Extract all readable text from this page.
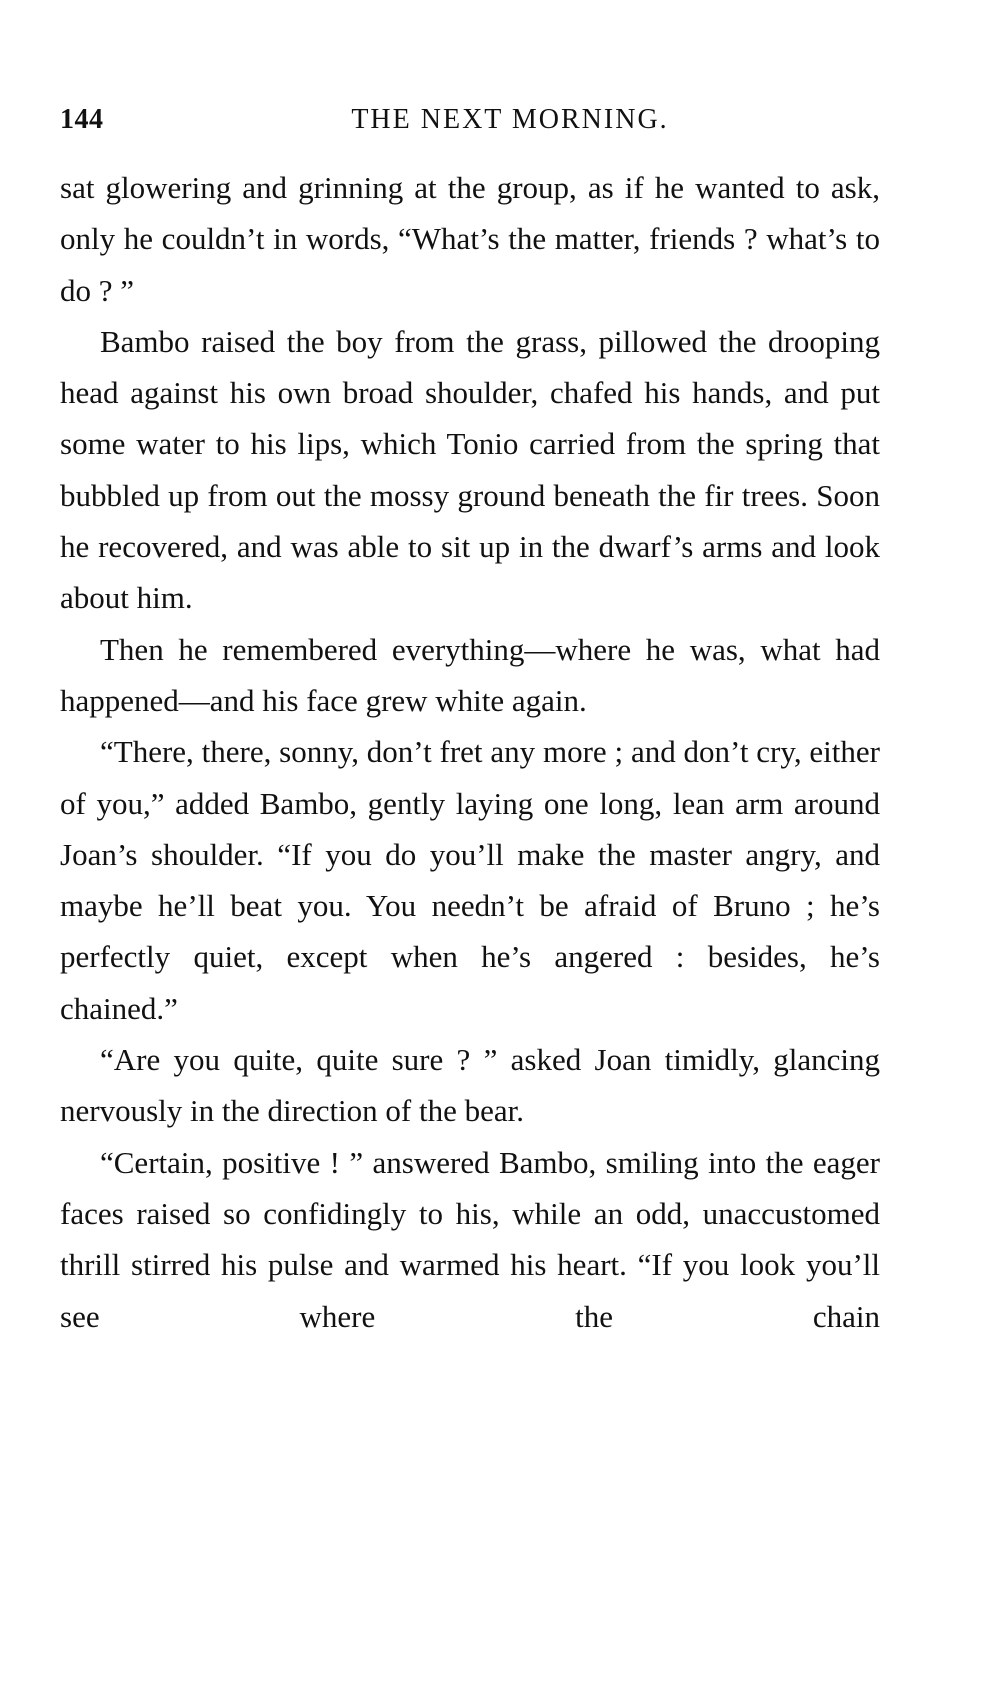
144	THE NEXT MORNING.

sat glowering and grinning at the group, as if he wanted to ask, only he couldn’t in words, “What’s the matter, friends ? what’s to do ? ”

Bambo raised the boy from the grass, pillowed the drooping head against his own broad shoulder, chafed his hands, and put some water to his lips, which Tonio carried from the spring that bubbled up from out the mossy ground beneath the fir trees. Soon he recovered, and was able to sit up in the dwarf’s arms and look about him.

Then he remembered everything—where he was, what had happened—and his face grew white again.

“There, there, sonny, don’t fret any more ; and don’t cry, either of you,” added Bambo, gently laying one long, lean arm around Joan’s shoulder. “If you do you’ll make the master angry, and maybe he’ll beat you. You needn’t be afraid of Bruno ; he’s perfectly quiet, except when he’s angered : besides, he’s chained.”

“Are you quite, quite sure ? ” asked Joan timidly, glancing nervously in the direction of the bear.

“Certain, positive ! ” answered Bambo, smiling into the eager faces raised so confidingly to his, while an odd, unaccustomed thrill stirred his pulse and warmed his heart. “If you look you’ll see where the chain
